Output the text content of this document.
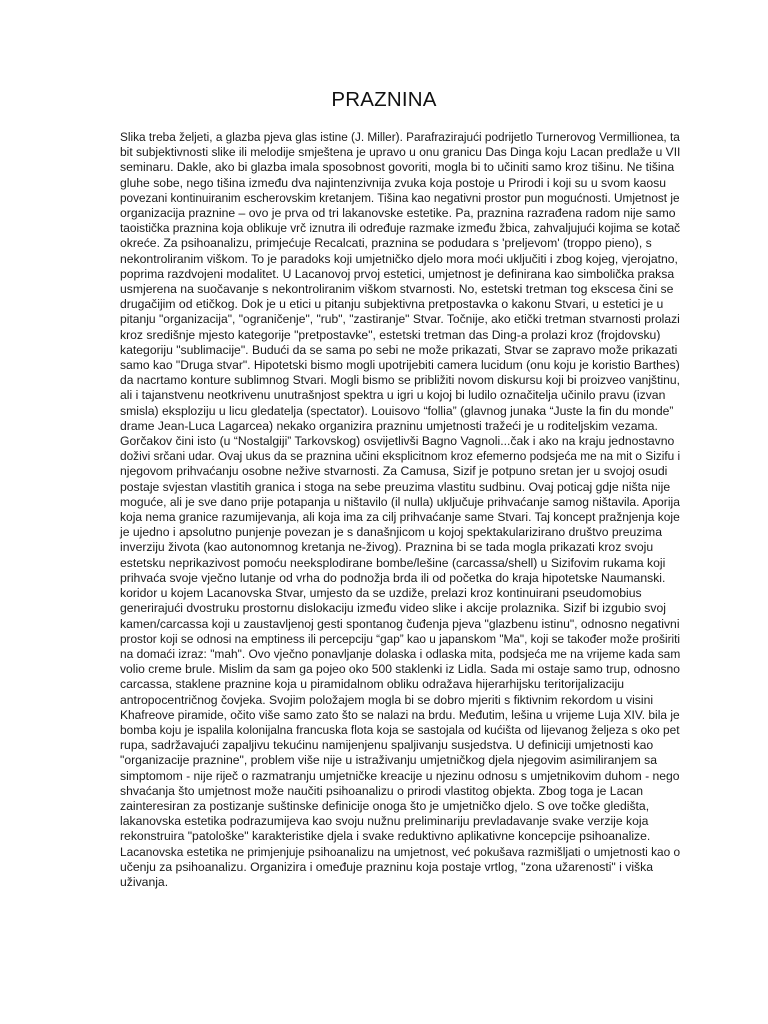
PRAZNINA
Slika treba željeti, a glazba pjeva glas istine (J. Miller). Parafrazirajući podrijetlo Turnerovog Vermillionea, ta
bit subjektivnosti slike ili melodije smještena je upravo u onu granicu Das Dinga koju Lacan predlaže u VII
seminaru. Dakle, ako bi glazba imala sposobnost govoriti, mogla bi to učiniti samo kroz tišinu. Ne tišina
gluhe sobe, nego tišina između dva najintenzivnija zvuka koja postoje u Prirodi i koji su u svom kaosu
povezani kontinuiranim escherovskim kretanjem. Tišina kao negativni prostor pun mogućnosti. Umjetnost je
organizacija praznine – ovo je prva od tri lakanovske estetike. Pa, praznina razrađena radom nije samo
taoistička praznina koja oblikuje vrč iznutra ili određuje razmake između žbica, zahvaljujući kojima se kotač
okreće. Za psihoanalizu, primjećuje Recalcati, praznina se podudara s 'preljevom' (troppo pieno), s
nekontroliranim viškom. To je paradoks koji umjetničko djelo mora moći uključiti i zbog kojeg, vjerojatno,
poprima razdvojeni modalitet. U Lacanovoj prvoj estetici, umjetnost je definirana kao simbolička praksa
usmjerena na suočavanje s nekontroliranim viškom stvarnosti. No, estetski tretman tog ekscesa čini se
drugačijim od etičkog. Dok je u etici u pitanju subjektivna pretpostavka o kakonu Stvari, u estetici je u
pitanju "organizacija", "ograničenje", "rub", "zastiranje" Stvar. Točnije, ako etički tretman stvarnosti prolazi
kroz središnje mjesto kategorije "pretpostavke", estetski tretman das Ding-a prolazi kroz (frojdovsku)
kategoriju "sublimacije". Budući da se sama po sebi ne može prikazati, Stvar se zapravo može prikazati
samo kao "Druga stvar". Hipotetski bismo mogli upotrijebiti camera lucidum (onu koju je koristio Barthes)
da nacrtamo konture sublimnog Stvari. Mogli bismo se približiti novom diskursu koji bi proizveo vanjštinu,
ali i tajanstvenu neotkrivenu unutrašnjost spektra u igri u kojoj bi ludilo označitelja učinilo pravu (izvan
smisla) eksploziju u licu gledatelja (spectator). Louisovo “follia” (glavnog junaka “Juste la fin du monde”
drame Jean-Luca Lagarcea) nekako organizira prazninu umjetnosti tražeći je u roditeljskim vezama.
Gorčakov čini isto (u “Nostalgiji” Tarkovskog) osvijetlivši Bagno Vagnoli...čak i ako na kraju jednostavno
doživi srčani udar. Ovaj ukus da se praznina učini eksplicitnom kroz efemerno podsjeća me na mit o Sizifu i
njegovom prihvaćanju osobne nežive stvarnosti. Za Camusa, Sizif je potpuno sretan jer u svojoj osudi
postaje svjestan vlastitih granica i stoga na sebe preuzima vlastitu sudbinu. Ovaj poticaj gdje ništa nije
moguće, ali je sve dano prije potapanja u ništavilo (il nulla) uključuje prihvaćanje samog ništavila. Aporija
koja nema granice razumijevanja, ali koja ima za cilj prihvaćanje same Stvari. Taj koncept pražnjenja koje
je ujedno i apsolutno punjenje povezan je s današnjicom u kojoj spektakularizirano društvo preuzima
inverziju života (kao autonomnog kretanja ne-živog). Praznina bi se tada mogla prikazati kroz svoju
estetsku neprikazivost pomoću neeksplodirane bombe/lešine (carcassa/shell) u Sizifovim rukama koji
prihvaća svoje vječno lutanje od vrha do podnožja brda ili od početka do kraja hipotetske Naumanski.
koridor u kojem Lacanovska Stvar, umjesto da se uzdiže, prelazi kroz kontinuirani pseudomobius
generirajući dvostruku prostornu dislokaciju između video slike i akcije prolaznika. Sizif bi izgubio svoj
kamen/carcassa koji u zaustavljenoj gesti spontanog čuđenja pjeva "glazbenu istinu", odnosno negativni
prostor koji se odnosi na emptiness ili percepciju “gap” kao u japanskom "Ma", koji se također može proširiti
na domaći izraz: "mah". Ovo vječno ponavljanje dolaska i odlaska mita, podsjeća me na vrijeme kada sam
volio creme brule. Mislim da sam ga pojeo oko 500 staklenki iz Lidla. Sada mi ostaje samo trup, odnosno
carcassa, staklene praznine koja u piramidalnom obliku odražava hijerarhijsku teritorijalizaciju
antropocentričnog čovjeka. Svojim položajem mogla bi se dobro mjeriti s fiktivnim rekordom u visini
Khafreove piramide, očito više samo zato što se nalazi na brdu. Međutim, lešina u vrijeme Luja XIV. bila je
bomba koju je ispalila kolonijalna francuska flota koja se sastojala od kućišta od lijevanog željeza s oko pet
rupa, sadržavajući zapaljivu tekućinu namijenjenu spaljivanju susjedstva. U definiciji umjetnosti kao
"organizacije praznine", problem više nije u istraživanju umjetničkog djela njegovim asimiliranjem sa
simptomom - nije riječ o razmatranju umjetničke kreacije u njezinu odnosu s umjetnikovim duhom - nego
shvaćanja što umjetnost može naučiti psihoanalizu o prirodi vlastitog objekta. Zbog toga je Lacan
zainteresiran za postizanje suštinske definicije onoga što je umjetničko djelo. S ove točke gledišta,
lakanovska estetika podrazumijeva kao svoju nužnu preliminariju prevladavanje svake verzije koja
rekonstruira "patološke" karakteristike djela i svake reduktivno aplikativne koncepcije psihoanalize.
Lacanovska estetika ne primjenjuje psihoanalizu na umjetnost, već pokušava razmišljati o umjetnosti kao o
učenju za psihoanalizu. Organizira i omeđuje prazninu koja postaje vrtlog, "zona užarenosti" i viška
uživanja.
